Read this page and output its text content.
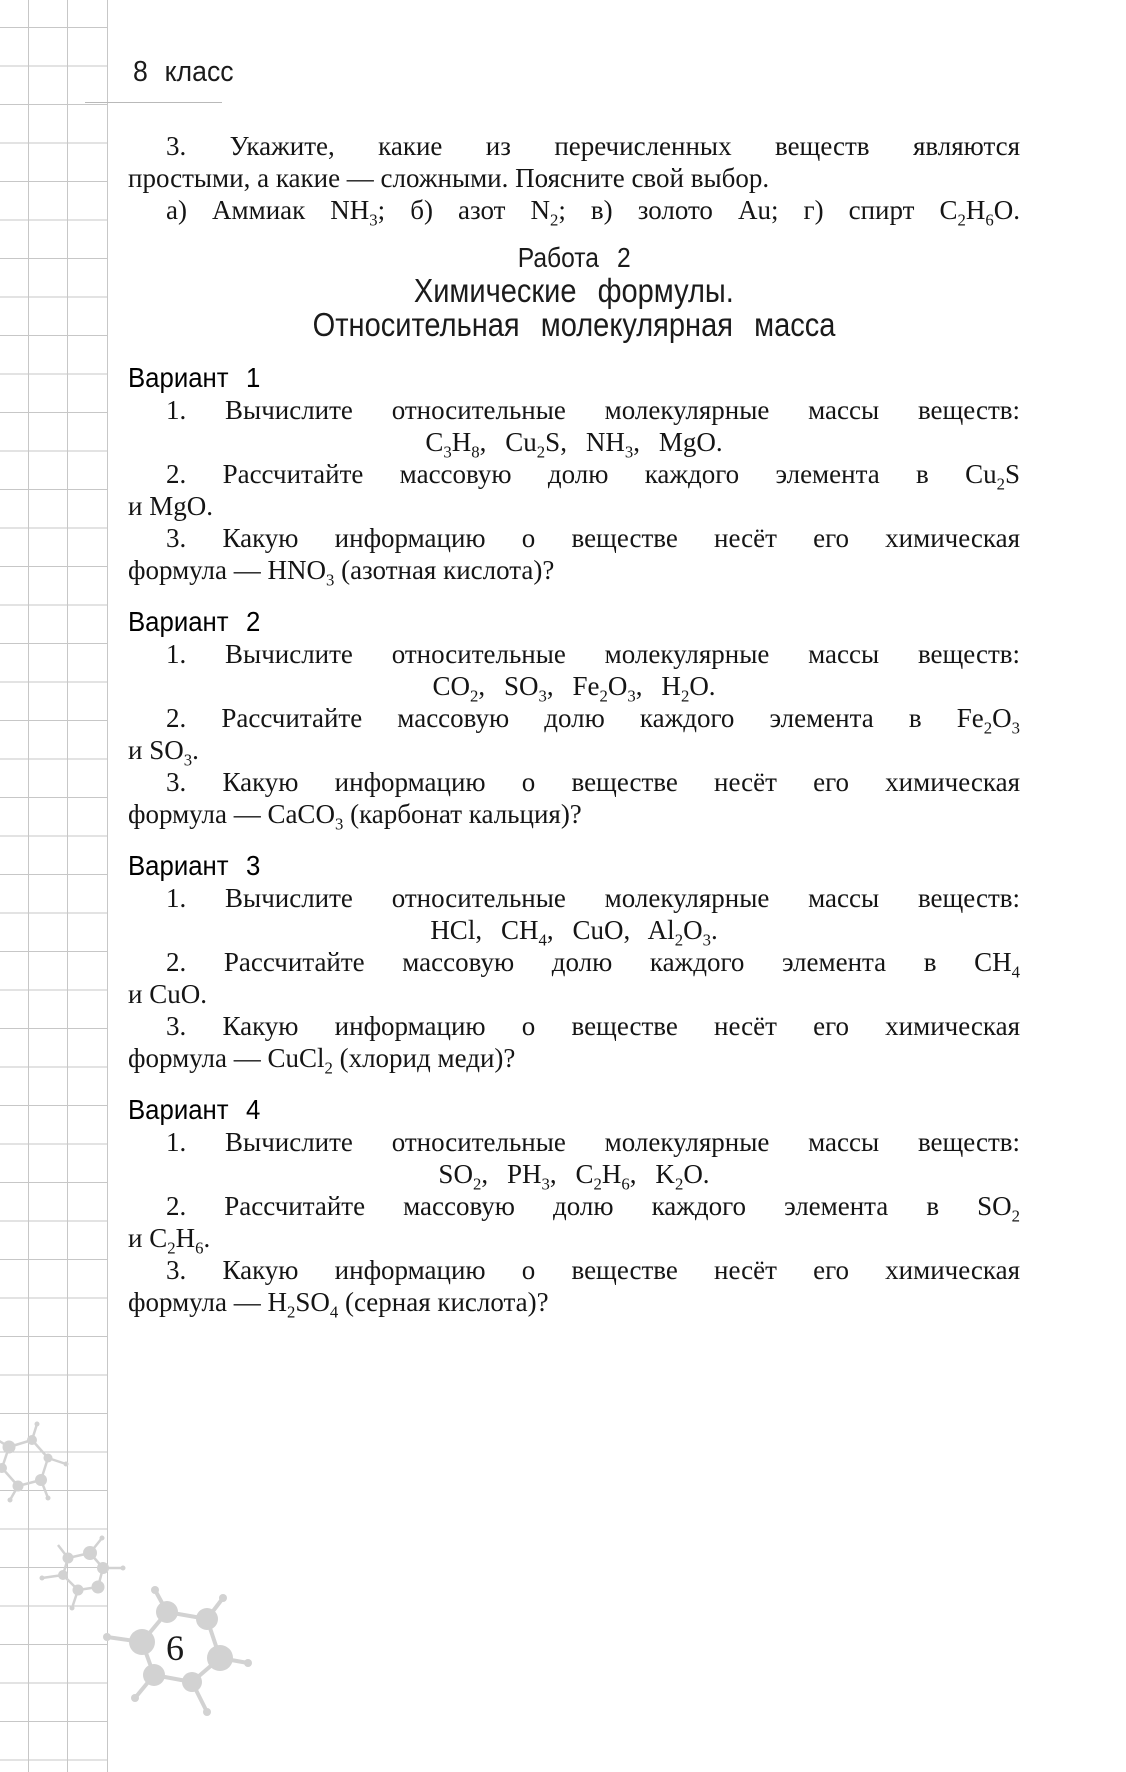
8 класс

3. Укажите, какие из перечисленных веществ являются

простыми, а какие — сложными. Поясните свой выбор.

а) Аммиак $NH_3$; б) азот $N_2$; в) золото Au; г) спирт $C_2H_6O$.

Работа 2
Химические формулы.
Относительная молекулярная масса
Вариант 1

1. Вычислите относительные молекулярные массы веществ:

$C_3H_8$, $Cu_2S$, $NH_3$, MgO.

2. Рассчитайте массовую долю каждого элемента в $Cu_2S$

и MgO.

3. Какую информацию о веществе несёт его химическая

формула — $HNO_3$ (азотная кислота)?

Вариант 2

1. Вычислите относительные молекулярные массы веществ:

$CO_2$, $SO_3$, $Fe_2O_3$, $H_2O$.

2. Рассчитайте массовую долю каждого элемента в $Fe_2O_3$

и $SO_3$.

3. Какую информацию о веществе несёт его химическая

формула — CaCO$_3$ (карбонат кальция)?

Вариант 3

1. Вычислите относительные молекулярные массы веществ:

HCl, $CH_4$, CuO, $Al_2O_3$.

2. Рассчитайте массовую долю каждого элемента в $CH_4$

и CuO.

3. Какую информацию о веществе несёт его химическая

формула — CuCl$_2$ (хлорид меди)?

Вариант 4

1. Вычислите относительные молекулярные массы веществ:

$SO_2$, $PH_3$, $C_2H_6$, $K_2O$.

2. Рассчитайте массовую долю каждого элемента в $SO_2$

и $C_2H_6$.

3. Какую информацию о веществе несёт его химическая

формула — $H_2SO_4$ (серная кислота)?

6
